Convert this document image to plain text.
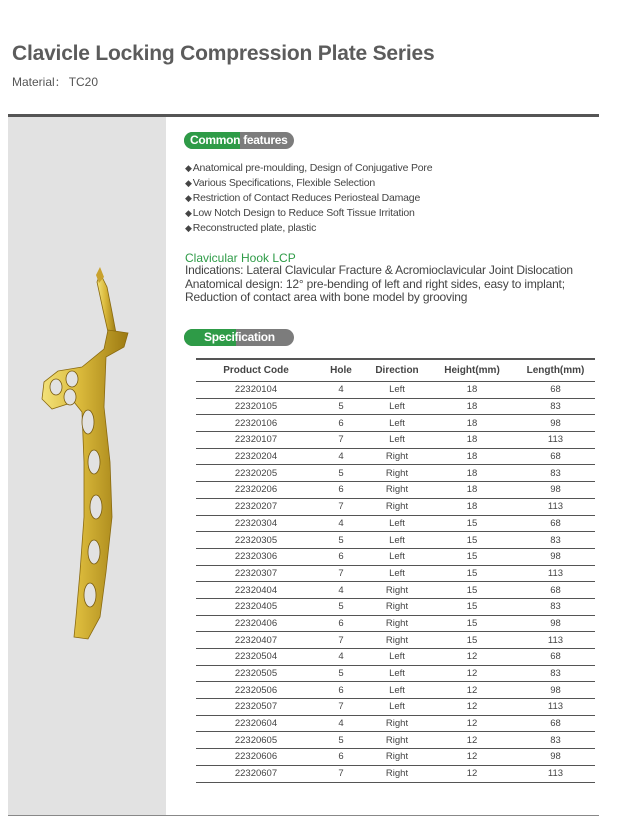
Clavicle Locking Compression Plate Series
Material： TC20
Common features
◆Anatomical pre-moulding, Design of Conjugative Pore
◆Various Specifications, Flexible Selection
◆Restriction of Contact Reduces Periosteal Damage
◆Low Notch Design to Reduce Soft Tissue Irritation
◆Reconstructed plate, plastic
Clavicular Hook LCP
Indications: Lateral Clavicular Fracture & Acromioclavicular Joint Dislocation
Anatomical design: 12° pre-bending of left and right sides, easy to implant;
Reduction of contact area with bone model by grooving
Specification
Product Code	Hole	Direction	Height(mm)	Length(mm)
22320104	4	Left	18	68
22320105	5	Left	18	83
22320106	6	Left	18	98
22320107	7	Left	18	113
22320204	4	Right	18	68
22320205	5	Right	18	83
22320206	6	Right	18	98
22320207	7	Right	18	113
22320304	4	Left	15	68
22320305	5	Left	15	83
22320306	6	Left	15	98
22320307	7	Left	15	113
22320404	4	Right	15	68
22320405	5	Right	15	83
22320406	6	Right	15	98
22320407	7	Right	15	113
22320504	4	Left	12	68
22320505	5	Left	12	83
22320506	6	Left	12	98
22320507	7	Left	12	113
22320604	4	Right	12	68
22320605	5	Right	12	83
22320606	6	Right	12	98
22320607	7	Right	12	113
